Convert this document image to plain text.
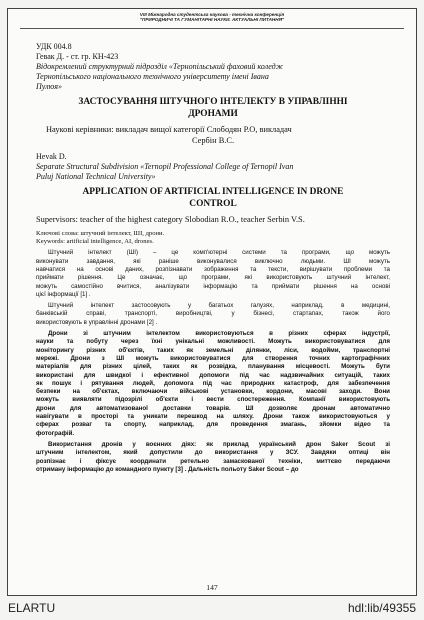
VIII Міжнародна студентська наукова - технічна конференція
"ПРИРОДНИЧІ ТА ГУМАНІТАРНІ НАУКИ. АКТУАЛЬНІ ПИТАННЯ"
УДК 004.8
Гевак Д. - ст. гр. КН-423
Відокремлений структурний підрозділ «Тернопільський фаховий коледж
Тернопільського національного технічного університету імені Івана
Пулюя»
ЗАСТОСУВАННЯ ШТУЧНОГО ІНТЕЛЕКТУ В УПРАВЛІННІ
ДРОНАМИ
Наукові керівники: викладач вищої категорії Слободян Р.О, викладач
Сербін В.С.
Hevak D.
Separate Structural Subdivision «Ternopil Professional College of Ternopil Ivan
Puluj National Technical University»
APPLICATION OF ARTIFICIAL INTELLIGENCE IN DRONE
CONTROL
Supervisors: teacher of the highest category Slobodian R.O., teacher Serbin V.S.
Ключові слова: штучний інтелект, ШІ, дрони.
Keywords: artificial intelligence, AI, drones.
Штучний інтелект (ШІ) – це комп'ютерні системи та програми, що можуть
виконувати завдання, які раніше виконувалися виключно людьми. ШІ можуть
навчатися на основі даних, розпізнавати зображення та тексти, вирішувати проблеми та
приймати рішення. Це означає, що програми, які використовують штучний інтелект,
можуть самостійно вчитися, аналізувати інформацію та приймати рішення на основі
цієї інформації [1] .
Штучний інтелект застосовують у багатьох галузях, наприклад, в медицині,
банківській справі, транспорті, виробництві, у бізнесі, стартапах, також його
використовують в управлінні дронами [2] .
Дрони зі штучним інтелектом використовуються в різних сферах індустрії,
науки та побуту через їхні унікальні можливості. Можуть використовуватися для
моніторингу різних об'єктів, таких як земельні ділянки, ліси, водойми, транспортні
мережі. Дрони з ШІ можуть використовуватися для створення точних картографічних
матеріалів для різних цілей, таких як розвідка, планування місцевості. Можуть бути
використані для швидкої і ефективної допомоги під час надзвичайних ситуацій, таких
як пошук і рятування людей, допомога під час природних катастроф, для забезпечення
безпеки на об'єктах, включаючи військові установки, кордони, масові заходи. Вони
можуть виявляти підозрілі об'єкти і вести спостереження. Компанії використовують
дрони для автоматизованої доставки товарів. ШІ дозволяє дронам автоматично
навігувати в просторі та уникати перешкод на шляху. Дрони також використовуються у
сферах розваг та спорту, наприклад, для проведення змагань, зйомки відео та
фотографій.
Використання дронів у воєнних діях: як приклад український дрон Saker Scout зі
штучним інтелектом, який допустили до використання у ЗСУ. Завдяки оптиці він
розпізнає і фіксує координати ретельно замаскованої техніки, миттєво передаючи
отриману інформацію до командного пункту [3] . Дальність польоту Saker Scout – до
147
ELARTU	hdl:lib/49355
